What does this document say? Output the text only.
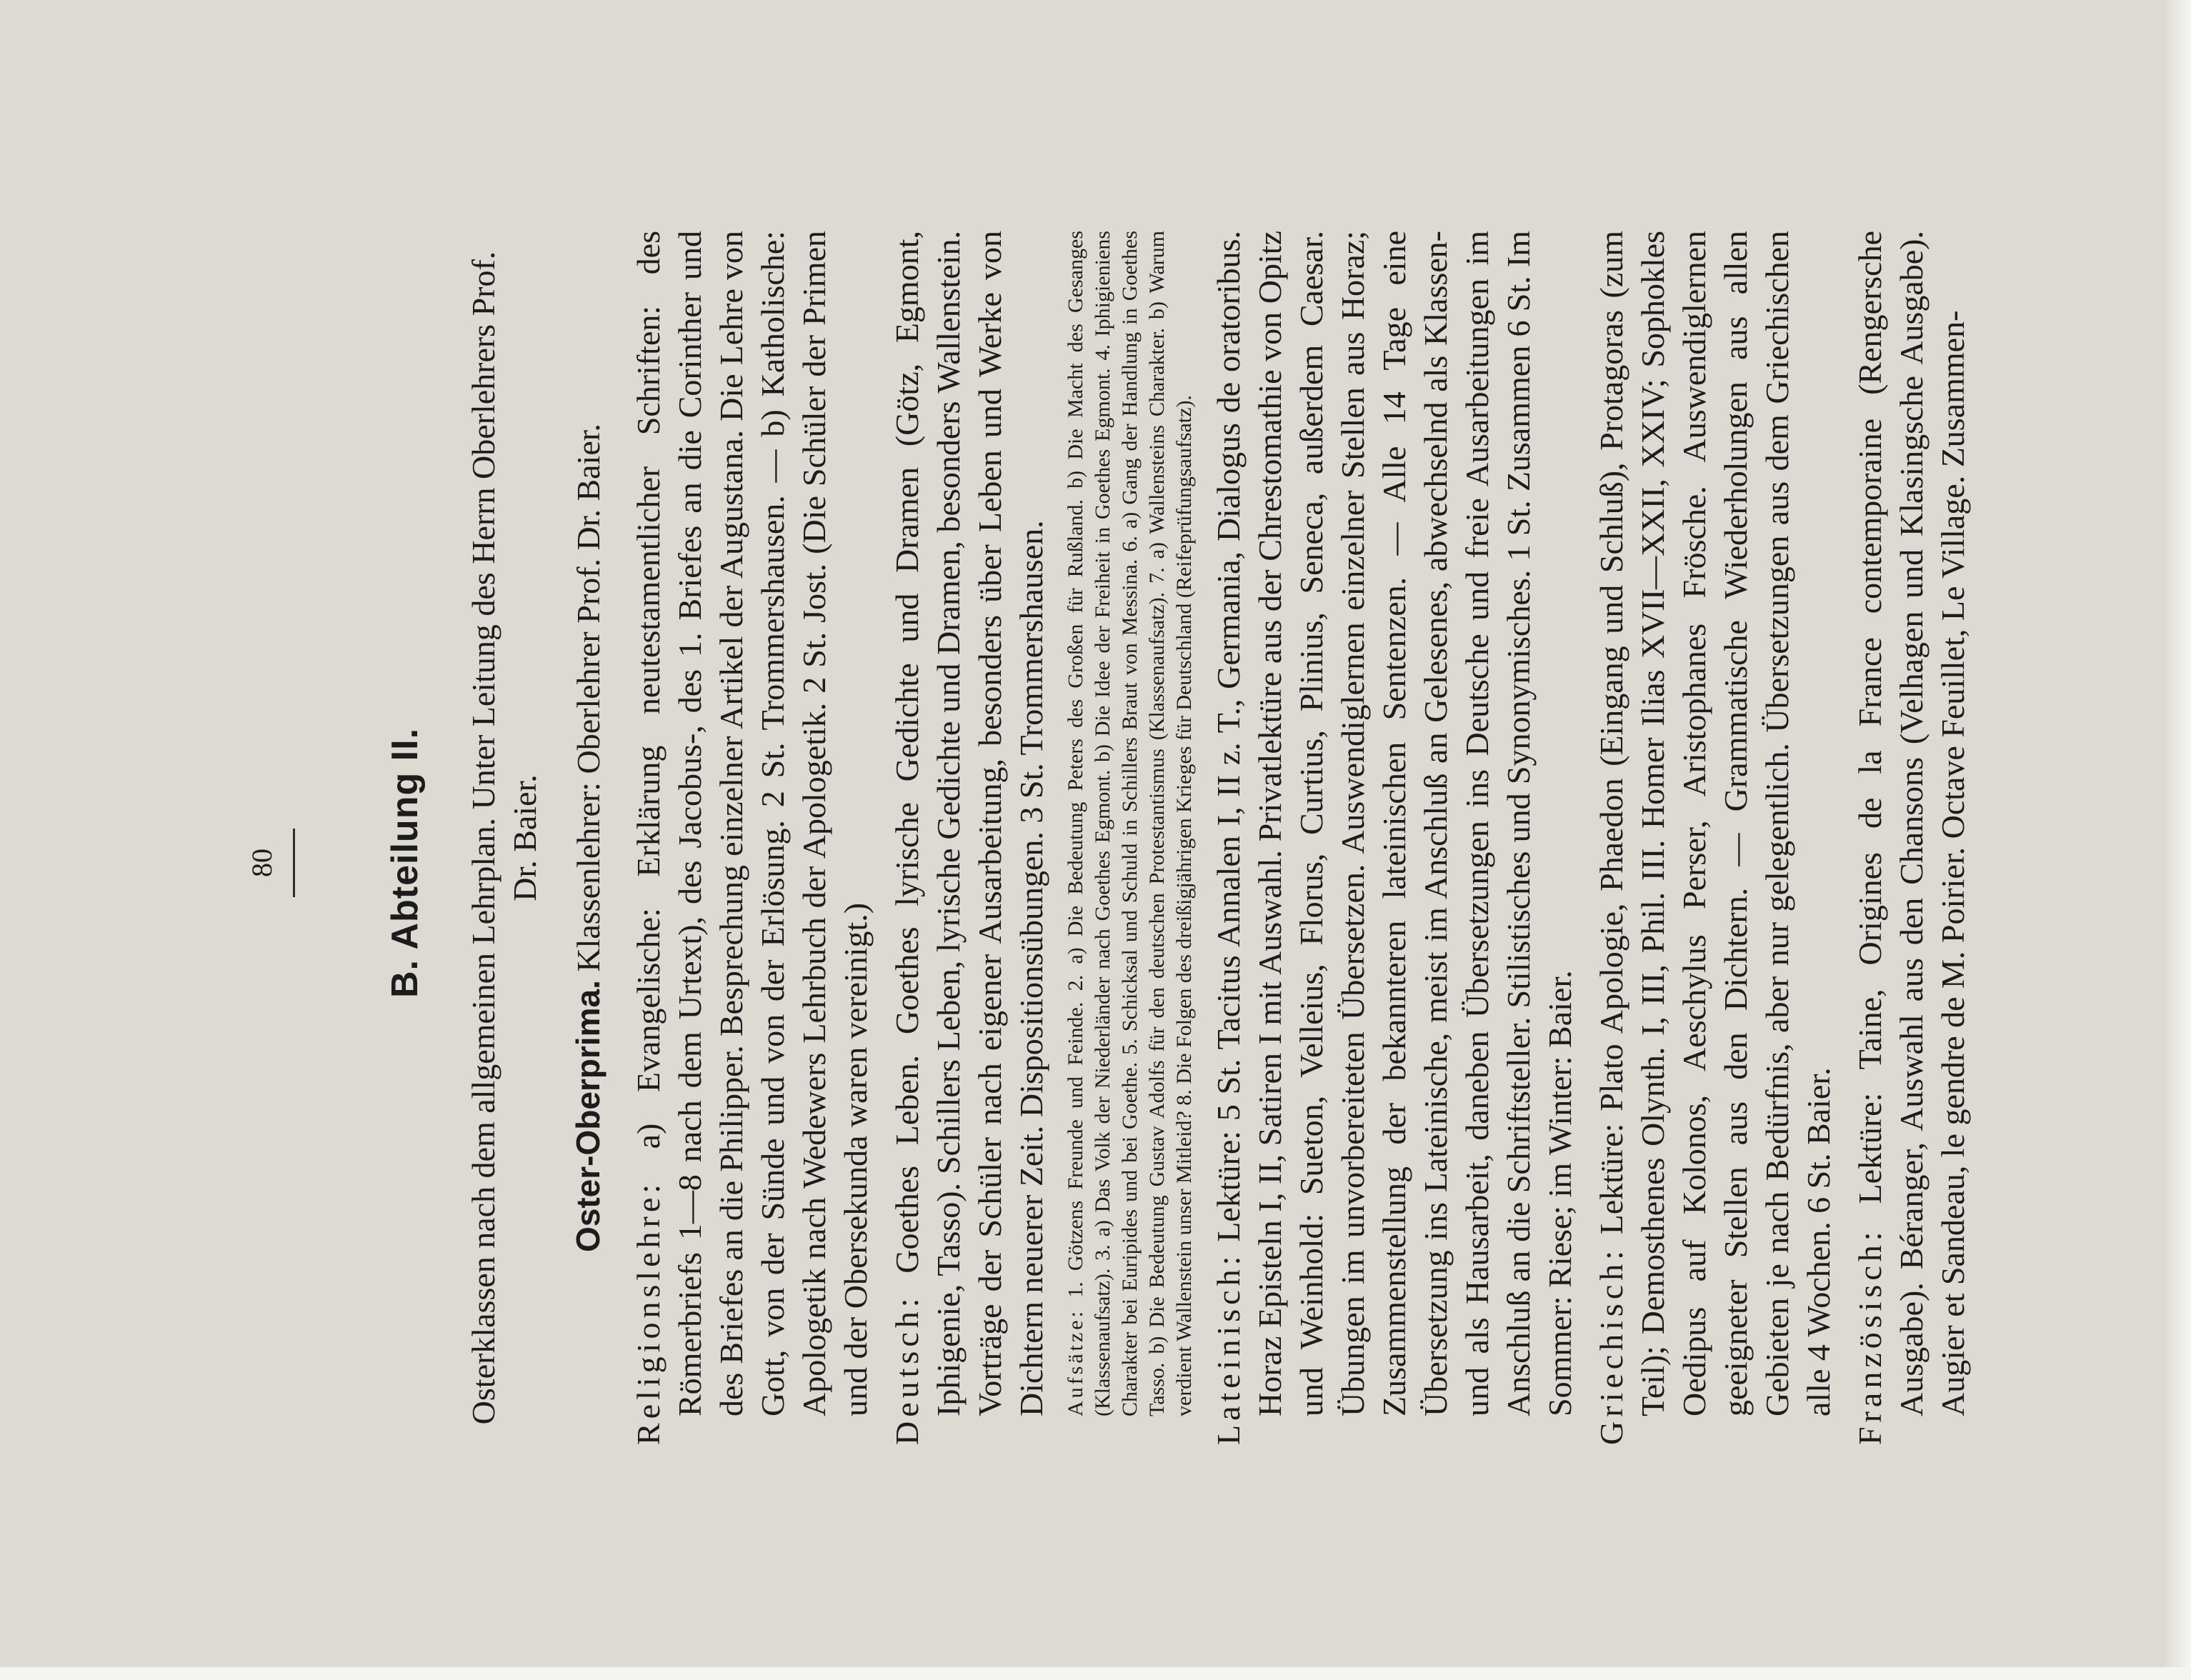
80	B. Abteilung II. Osterklassen nach dem allgemeinen Lehrplan. Unter Leitung des Herrn Oberlehrers Prof. Dr. Baier.

Oster-Oberprima. Klassenlehrer: Oberlehrer Prof. Dr. Baier.

Religionslehre: a) Evangelische: Erklärung neutestamentlicher Schriften: des Römerbriefs 1—8 nach dem Urtext), des Jacobus-, des 1. Briefes an die Corinther und des Briefes an die Philipper. Besprechung einzelner Artikel der Augustana. Die Lehre von Gott, von der Sünde und von der Erlösung. 2 St. Trommershausen. — b) Katholische: Apologetik nach Wedewers Lehrbuch der Apologetik. 2 St. Jost. (Die Schüler der Primen und der Obersekunda waren vereinigt.) Deutsch: Goethes Leben. Goethes lyrische Gedichte und Dramen (Götz, Egmont, Iphigenie, Tasso). Schillers Leben, lyrische Gedichte und Dramen, besonders Wallenstein. Vorträge der Schüler nach eigener Ausarbeitung, besonders über Leben und Werke von Dichtern neuerer Zeit. Dispositionsübungen. 3 St. Trommershausen. Aufsätze: 1. Götzens Freunde und Feinde. 2. a) Die Bedeutung Peters des Großen für Rußland. b) Die Macht des Gesanges (Klassenaufsatz). 3. a) Das Volk der Niederländer nach Goethes Egmont. b) Die Idee der Freiheit in Goethes Egmont. 4. Iphigieniens Charakter bei Euripides und bei Goethe. 5. Schicksal und Schuld in Schillers Braut von Messina. 6. a) Gang der Handlung in Goethes Tasso. b) Die Bedeutung Gustav Adolfs für den deutschen Protestantismus (Klassenaufsatz). 7. a) Wallensteins Charakter. b) Warum verdient Wallenstein unser Mitleid? 8. Die Folgen des dreißigjährigen Krieges für Deutschland (Reifeprüfungsaufsatz). Lateinisch: Lektüre: 5 St. Tacitus Annalen I, II z. T., Germania, Dialogus de oratoribus. Horaz Episteln I, II, Satiren I mit Auswahl. Privatlektüre aus der Chrestomathie von Opitz und Weinhold: Sueton, Velleius, Florus, Curtius, Plinius, Seneca, außerdem Caesar. Übungen im unvorbereiteten Übersetzen. Auswendiglernen einzelner Stellen aus Horaz; Zusammenstellung der bekannteren lateinischen Sentenzen. — Alle 14 Tage eine Übersetzung ins Lateinische, meist im Anschluß an Gelesenes, abwechselnd als Klassen- und als Hausarbeit, daneben Übersetzungen ins Deutsche und freie Ausarbeitungen im Anschluß an die Schriftsteller. Stilistisches und Synonymisches. 1 St. Zusammen 6 St. Im Sommer: Riese; im Winter: Baier. Griechisch: Lektüre: Plato Apologie, Phaedon (Eingang und Schluß), Protagoras (zum Teil); Demosthenes Olynth. I, III, Phil. III. Homer Ilias XVII—XXII, XXIV; Sophokles Oedipus auf Kolonos, Aeschylus Perser, Aristophanes Frösche. Auswendiglernen geeigneter Stellen aus den Dichtern. — Grammatische Wiederholungen aus allen Gebieten je nach Bedürfnis, aber nur gelegentlich. Übersetzungen aus dem Griechischen alle 4 Wochen. 6 St. Baier. Französisch: Lektüre: Taine, Origines de la France contemporaine (Rengersche Ausgabe). Béranger, Auswahl aus den Chansons (Velhagen und Klasingsche Ausgabe). Augier et Sandeau, le gendre de M. Poirier. Octave Feuillet, Le Village. Zusammen-
